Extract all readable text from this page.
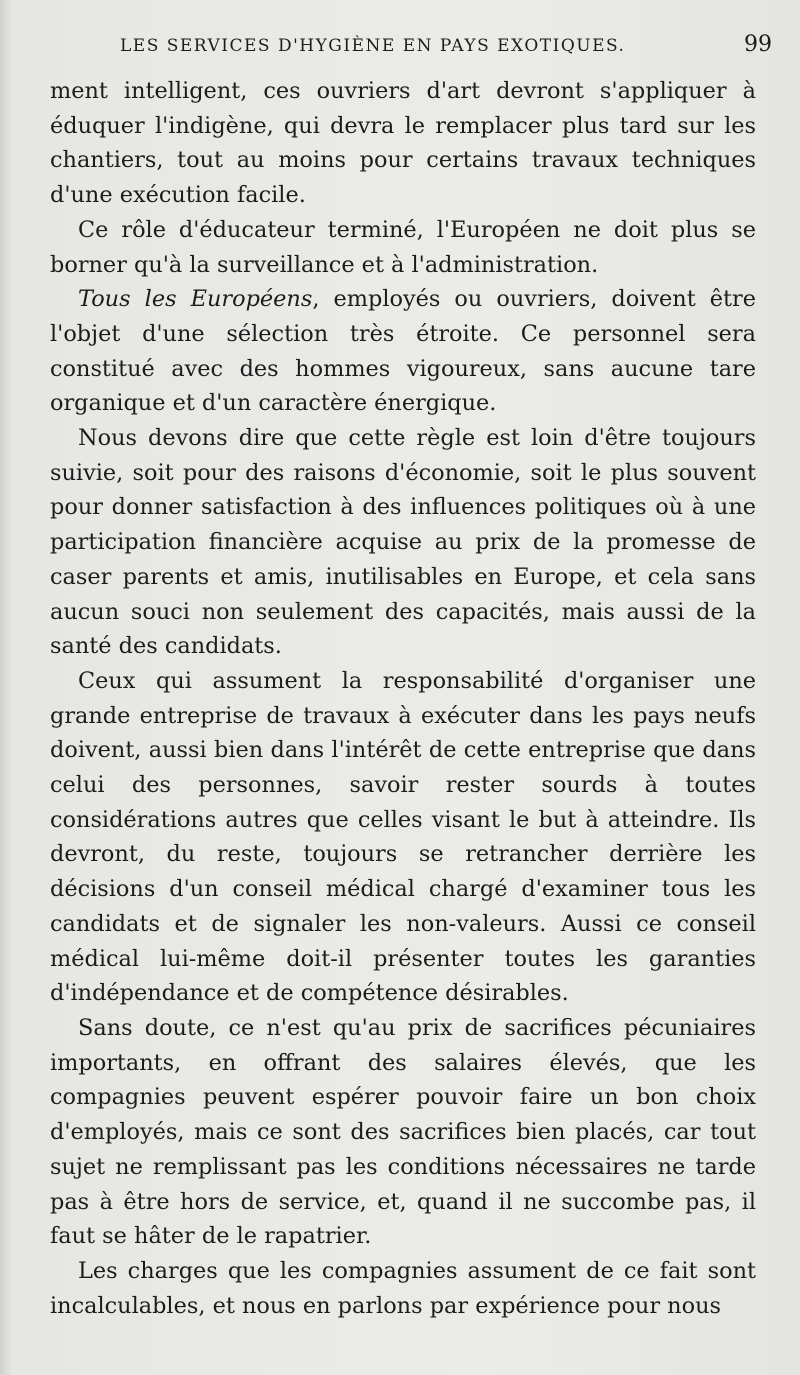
LES SERVICES D'HYGIÈNE EN PAYS EXOTIQUES.	99

ment intelligent, ces ouvriers d'art devront s'appliquer à éduquer l'indigène, qui devra le remplacer plus tard sur les chantiers, tout au moins pour certains travaux techniques d'une exécution facile.

Ce rôle d'éducateur terminé, l'Européen ne doit plus se borner qu'à la surveillance et à l'administration.

Tous les Européens, employés ou ouvriers, doivent être l'objet d'une sélection très étroite. Ce personnel sera constitué avec des hommes vigoureux, sans aucune tare organique et d'un caractère énergique.

Nous devons dire que cette règle est loin d'être toujours suivie, soit pour des raisons d'économie, soit le plus souvent pour donner satisfaction à des influences politiques où à une participation financière acquise au prix de la promesse de caser parents et amis, inutilisables en Europe, et cela sans aucun souci non seulement des capacités, mais aussi de la santé des candidats.

Ceux qui assument la responsabilité d'organiser une grande entreprise de travaux à exécuter dans les pays neufs doivent, aussi bien dans l'intérêt de cette entreprise que dans celui des personnes, savoir rester sourds à toutes considérations autres que celles visant le but à atteindre. Ils devront, du reste, toujours se retrancher derrière les décisions d'un conseil médical chargé d'examiner tous les candidats et de signaler les non-valeurs. Aussi ce conseil médical lui-même doit-il présenter toutes les garanties d'indépendance et de compétence désirables.

Sans doute, ce n'est qu'au prix de sacrifices pécuniaires importants, en offrant des salaires élevés, que les compagnies peuvent espérer pouvoir faire un bon choix d'employés, mais ce sont des sacrifices bien placés, car tout sujet ne remplissant pas les conditions nécessaires ne tarde pas à être hors de service, et, quand il ne succombe pas, il faut se hâter de le rapatrier.

Les charges que les compagnies assument de ce fait sont incalculables, et nous en parlons par expérience pour nous
